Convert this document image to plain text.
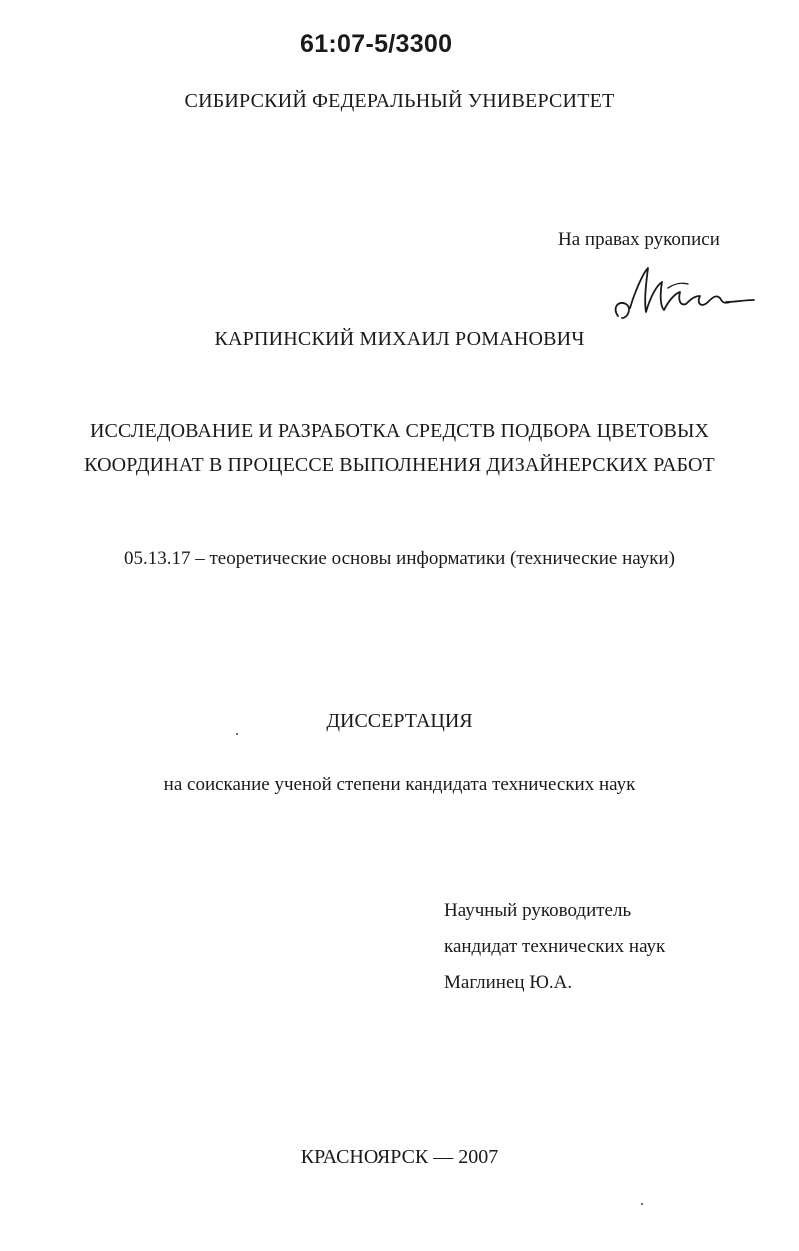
61:07-5/3300
СИБИРСКИЙ ФЕДЕРАЛЬНЫЙ УНИВЕРСИТЕТ
На правах рукописи
КАРПИНСКИЙ МИХАИЛ РОМАНОВИЧ
ИССЛЕДОВАНИЕ И РАЗРАБОТКА СРЕДСТВ ПОДБОРА ЦВЕТОВЫХ
КООРДИНАТ В ПРОЦЕССЕ ВЫПОЛНЕНИЯ ДИЗАЙНЕРСКИХ РАБОТ
05.13.17 – теоретические основы информатики (технические науки)
ДИССЕРТАЦИЯ
на соискание ученой степени кандидата технических наук
Научный руководитель
кандидат технических наук
Маглинец Ю.А.
КРАСНОЯРСК — 2007
